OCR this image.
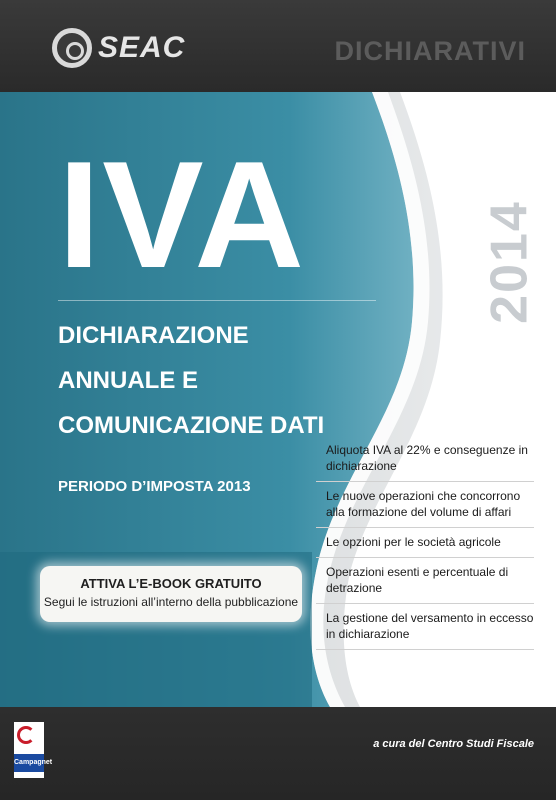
SEAC	DICHIARATIVI
2014
IVA
DICHIARAZIONE
ANNUALE E
COMUNICAZIONE DATI
PERIODO D’IMPOSTA 2013
ATTIVA L’E-BOOK GRATUITO
Segui le istruzioni all’interno della pubblicazione
Aliquota IVA al 22% e conseguenze in dichiarazione
Le nuove operazioni che concorrono alla formazione del volume di affari
Le opzioni per le società agricole
Operazioni esenti e percentuale di detrazione
La gestione del versamento in eccesso in dichiarazione
Campagnet
a cura del Centro Studi Fiscale
